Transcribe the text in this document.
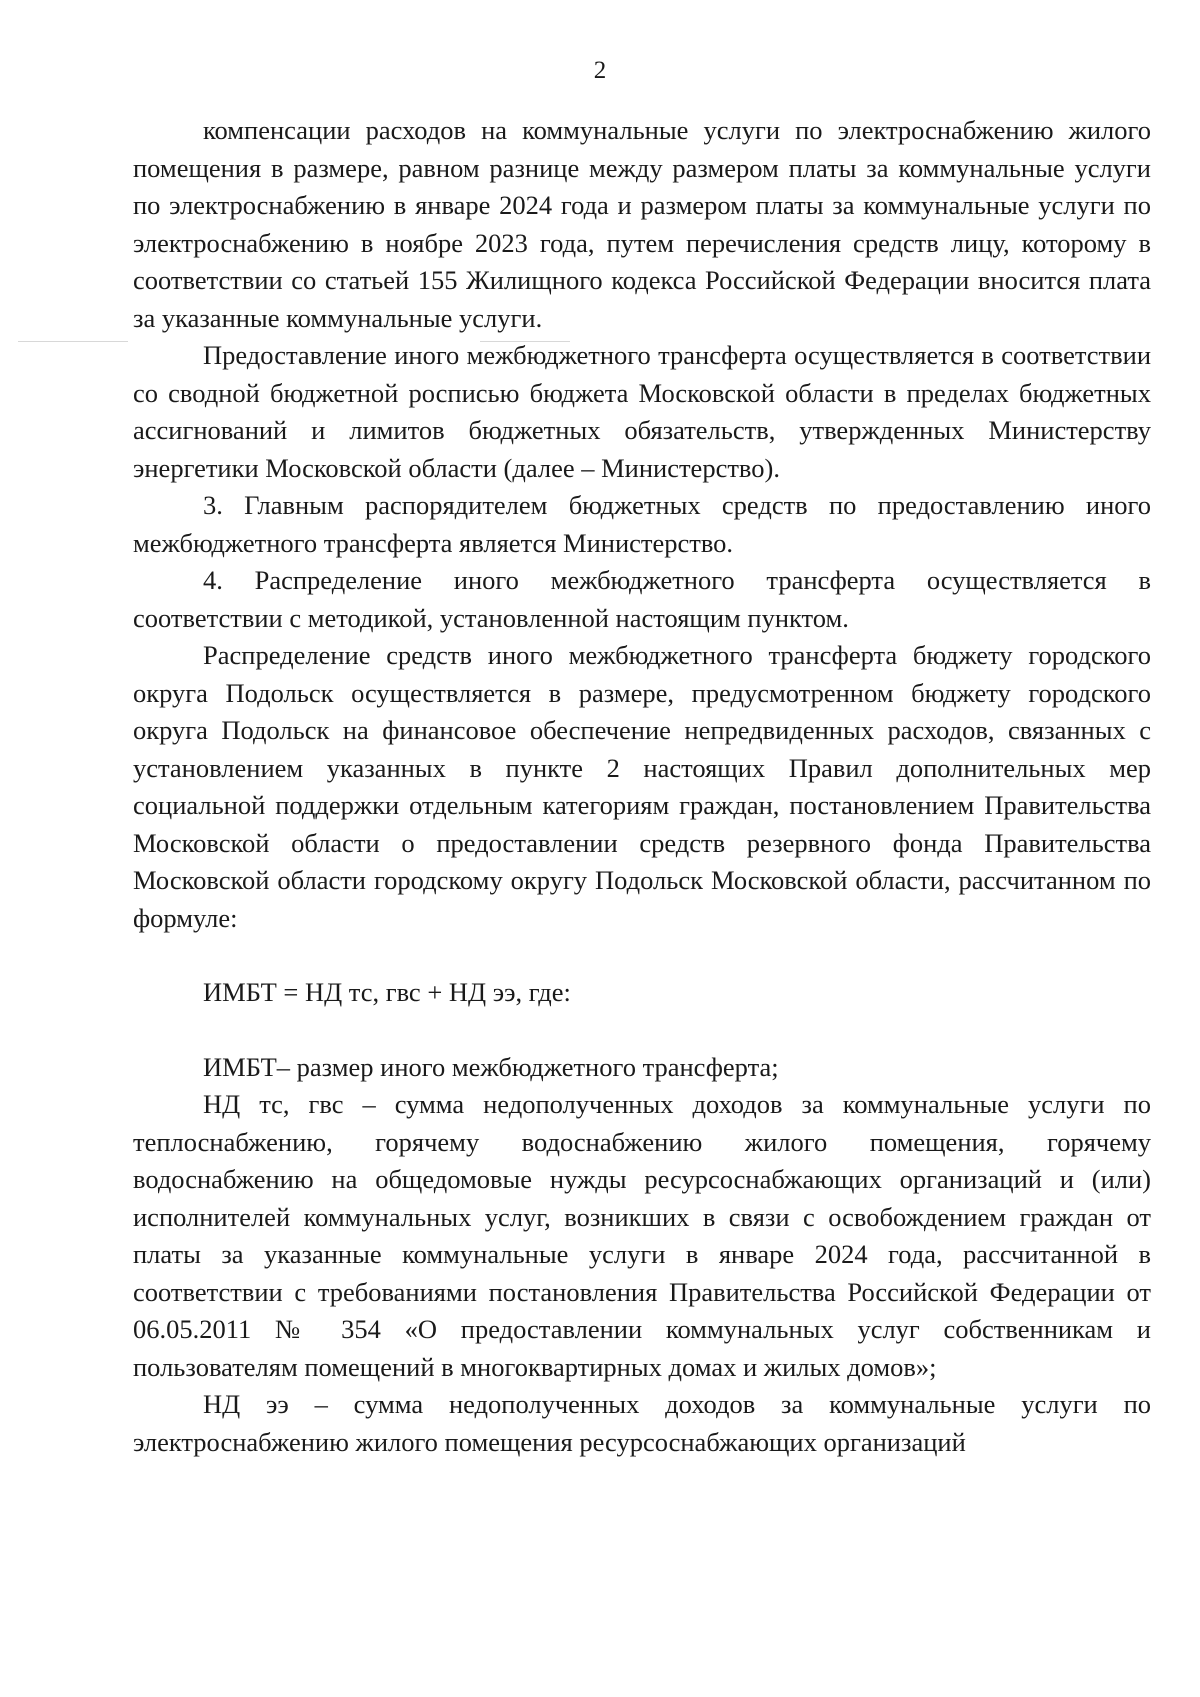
2

компенсации расходов на коммунальные услуги по электроснабжению жилого помещения в размере, равном разнице между размером платы за коммунальные услуги по электроснабжению в январе 2024 года и размером платы за коммунальные услуги по электроснабжению в ноябре 2023 года, путем перечисления средств лицу, которому в соответствии со статьей 155 Жилищного кодекса Российской Федерации вносится плата за указанные коммунальные услуги.

Предоставление иного межбюджетного трансферта осуществляется в соответствии со сводной бюджетной росписью бюджета Московской области в пределах бюджетных ассигнований и лимитов бюджетных обязательств, утвержденных Министерству энергетики Московской области (далее – Министерство).

3. Главным распорядителем бюджетных средств по предоставлению иного межбюджетного трансферта является Министерство.

4. Распределение иного межбюджетного трансферта осуществляется в соответствии с методикой, установленной настоящим пунктом.

Распределение средств иного межбюджетного трансферта бюджету городского округа Подольск осуществляется в размере, предусмотренном бюджету городского округа Подольск на финансовое обеспечение непредвиденных расходов, связанных с установлением указанных в пункте 2 настоящих Правил дополнительных мер социальной поддержки отдельным категориям граждан, постановлением Правительства Московской области о предоставлении средств резервного фонда Правительства Московской области городскому округу Подольск Московской области, рассчитанном по формуле:

ИМБТ = НД тс, гвс + НД ээ, где:

ИМБТ– размер иного межбюджетного трансферта;

НД тс, гвс – сумма недополученных доходов за коммунальные услуги по теплоснабжению, горячему водоснабжению жилого помещения, горячему водоснабжению на общедомовые нужды ресурсоснабжающих организаций и (или) исполнителей коммунальных услуг, возникших в связи с освобождением граждан от платы за указанные коммунальные услуги в январе 2024 года, рассчитанной в соответствии с требованиями постановления Правительства Российской Федерации от 06.05.2011 № 354 «О предоставлении коммунальных услуг собственникам и пользователям помещений в многоквартирных домах и жилых домов»;

НД ээ – сумма недополученных доходов за коммунальные услуги по электроснабжению жилого помещения ресурсоснабжающих организаций
